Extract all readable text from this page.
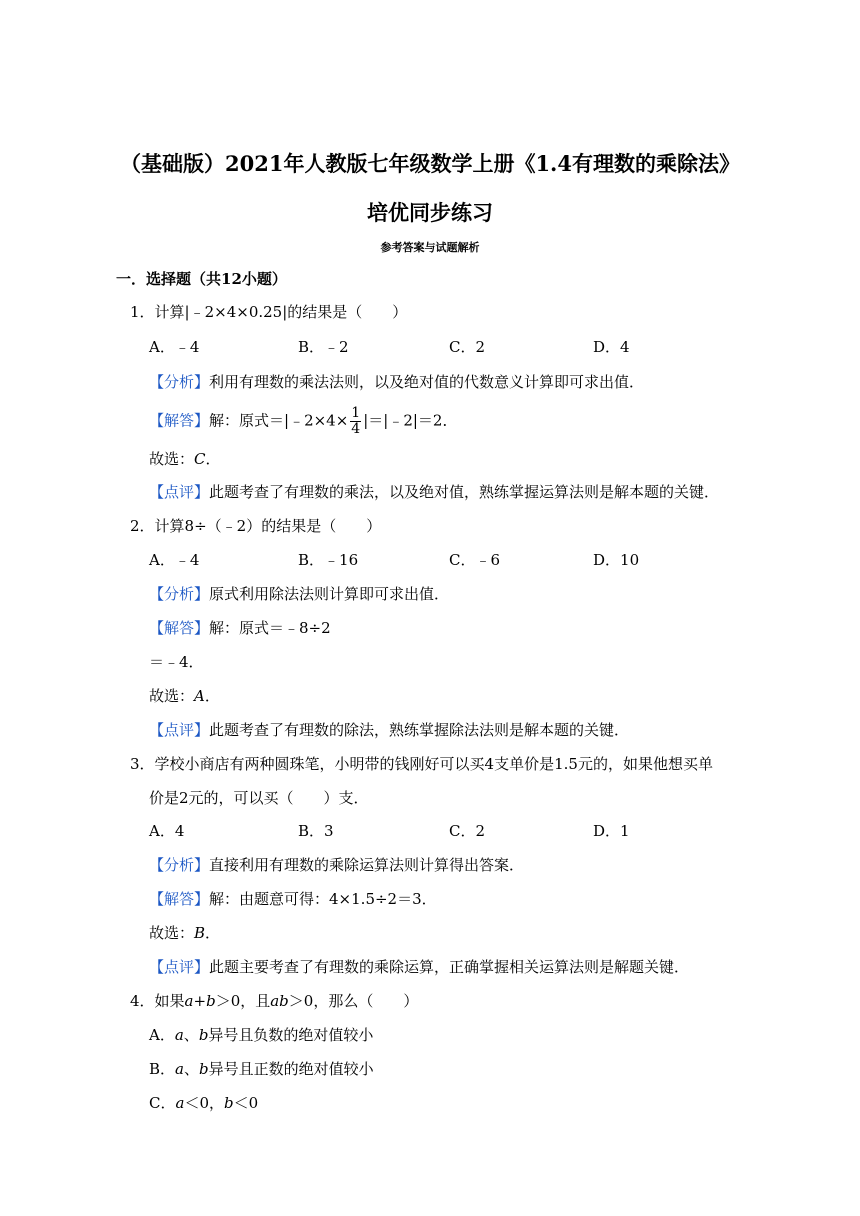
（基础版）2021年人教版七年级数学上册《1.4有理数的乘除法》
培优同步练习
参考答案与试题解析
一．选择题（共12小题）
1．计算|﹣2×4×0.25|的结果是（　　）
A．﹣4	B．﹣2	C．2	D．4
【分析】利用有理数的乘法法则，以及绝对值的代数意义计算即可求出值．
【解答】解：原式＝|﹣2×4× $\frac{1}{4}$ |＝|﹣2|＝2．
故选：C．
【点评】此题考查了有理数的乘法，以及绝对值，熟练掌握运算法则是解本题的关键．
2．计算8÷（﹣2）的结果是（　　）
A．﹣4	B．﹣16	C．﹣6	D．10
【分析】原式利用除法法则计算即可求出值．
【解答】解：原式＝﹣8÷2
＝﹣4．
故选：A．
【点评】此题考查了有理数的除法，熟练掌握除法法则是解本题的关键．
3．学校小商店有两种圆珠笔，小明带的钱刚好可以买4支单价是1.5元的，如果他想买单
价是2元的，可以买（　　）支．
A．4	B．3	C．2	D．1
【分析】直接利用有理数的乘除运算法则计算得出答案．
【解答】解：由题意可得：4×1.5÷2＝3．
故选：B．
【点评】此题主要考查了有理数的乘除运算，正确掌握相关运算法则是解题关键．
4．如果a+b＞0，且ab＞0，那么（　　）
A．a、b异号且负数的绝对值较小
B．a、b异号且正数的绝对值较小
C．a＜0，b＜0
